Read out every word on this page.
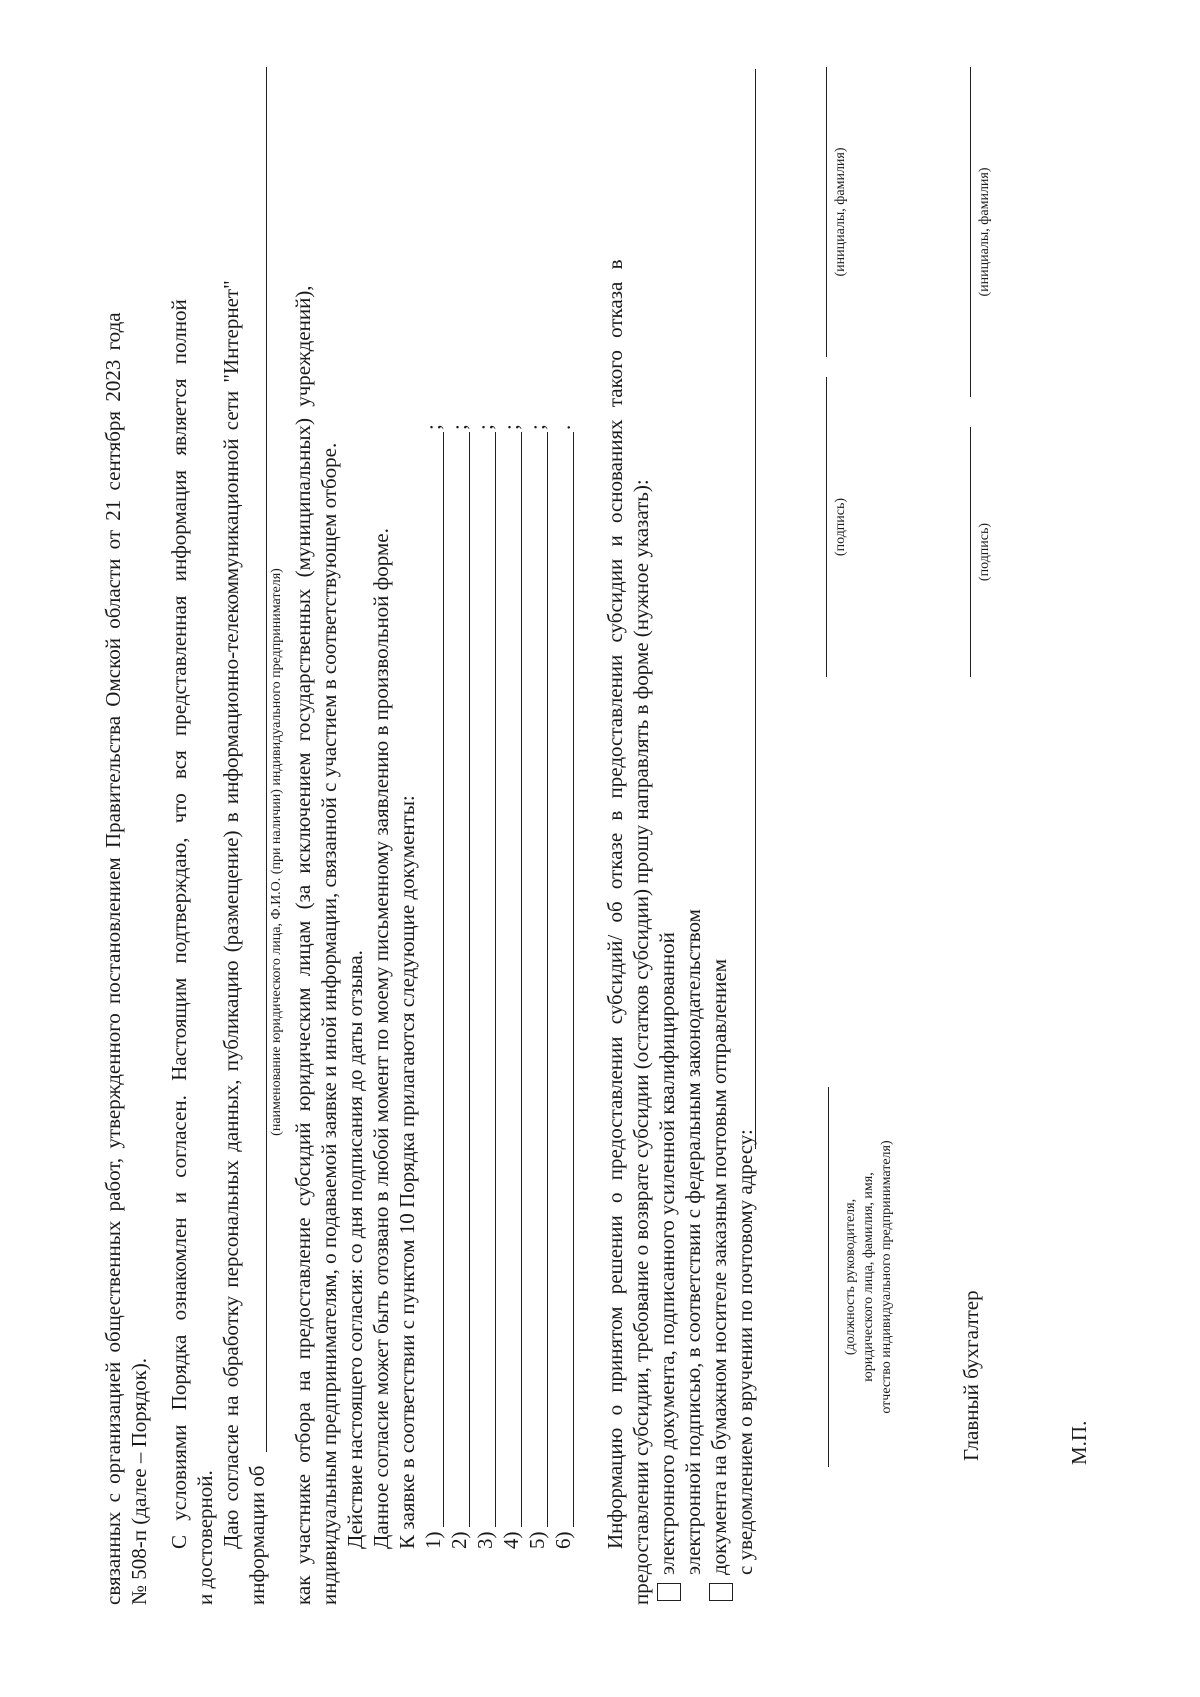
связанных с организацией общественных работ, утвержденного постановлением Правительства Омской области от 21 сентября 2023 года № 508-п (далее – Порядок). С условиями Порядка ознакомлен и согласен. Настоящим подтверждаю, что вся представленная информация является полной и достоверной. Даю согласие на обработку персональных данных, публикацию (размещение) в информационно-телекоммуникационной сети "Интернет" информации об
(наименование юридического лица, Ф.И.О. (при наличии) индивидуального предпринимателя) как участнике отбора на предоставление субсидий юридическим лицам (за исключением государственных (муниципальных) учреждений), индивидуальным предпринимателям, о подаваемой заявке и иной информации, связанной с участием в соответствующем отборе. Действие настоящего согласия: со дня подписания до даты отзыва. Данное согласие может быть отозвано в любой момент по моему письменному заявлению в произвольной форме. К заявке в соответствии с пунктом 10 Порядка прилагаются следующие документы: 1)
;
2)
;
3)
;
4)
;
5)
;
6)
. Информацию о принятом решении о предоставлении субсидий/ об отказе в предоставлении субсидии и основаниях такого отказа в предоставлении субсидии, требование о возврате субсидии (остатков субсидии) прошу направлять в форме (нужное указать): электронного документа, подписанного усиленной квалифицированной электронной подписью, в соответствии с федеральным законодательством документа на бумажном носителе заказным почтовым отправлением с уведомлением о вручении по почтовому адресу:	(должность руководителя, юридического лица, фамилия, имя, отчество индивидуального предпринимателя)
(подпись)
(инициалы, фамилия)
Главный бухгалтер
(подпись)
(инициалы, фамилия)
М.П.
